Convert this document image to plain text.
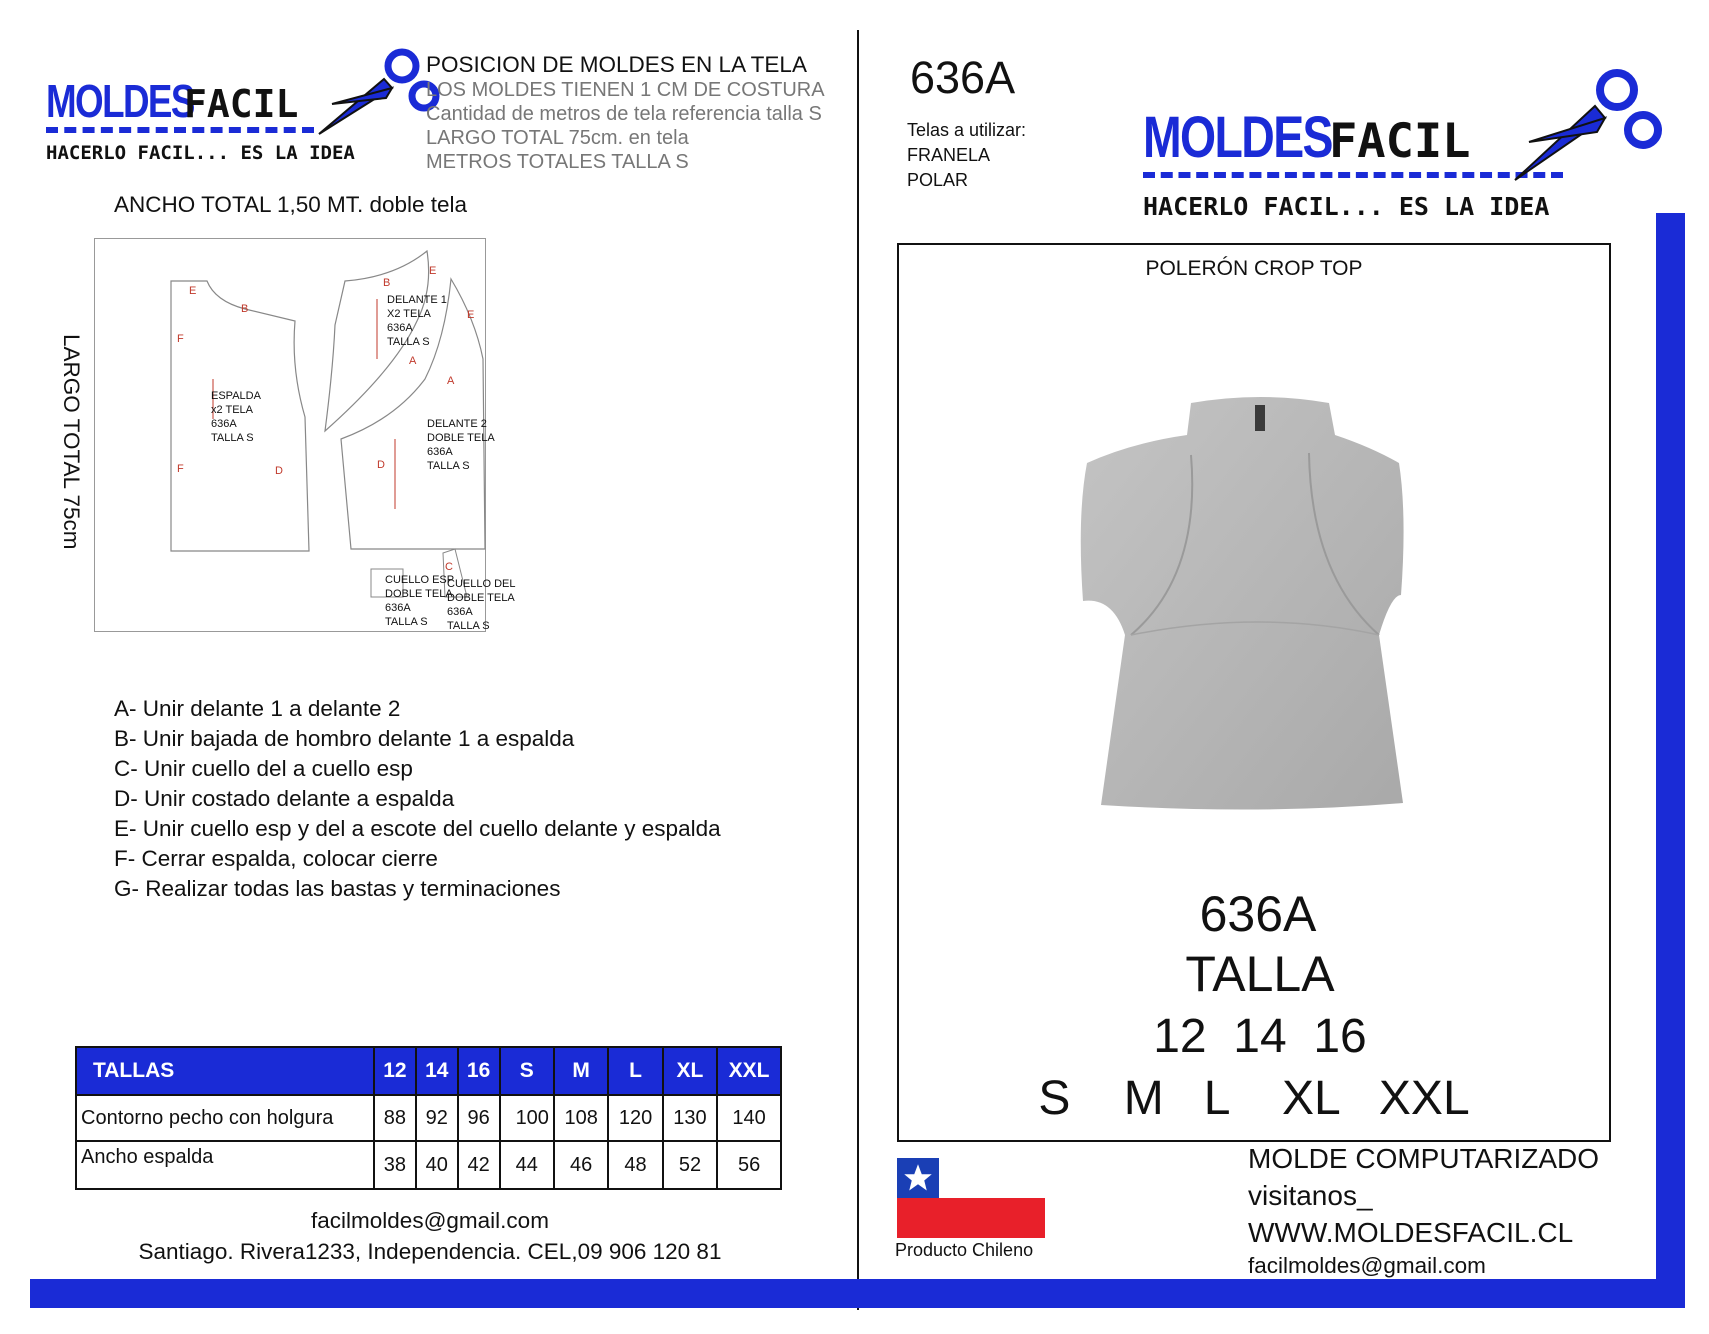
MOLDES
FACIL
HACERLO FACIL... ES LA IDEA
POSICION DE MOLDES EN LA TELA
LOS MOLDES TIENEN 1 CM DE COSTURA
Cantidad de metros de tela referencia talla S
LARGO TOTAL 75cm. en tela
METROS TOTALES TALLA S
ANCHO TOTAL 1,50 MT. doble tela
LARGO TOTAL 75cm
E
B
F
F	D
B
E
E
A
A
D
C
ESPALDA
x2 TELA
636A
TALLA S
DELANTE 1
X2 TELA
636A
TALLA S
DELANTE 2
DOBLE TELA
636A
TALLA S
CUELLO ESP
DOBLE TELA
636A
TALLA S
CUELLO DEL
DOBLE TELA
636A
TALLA S
A- Unir delante 1 a delante 2
B- Unir bajada de hombro delante 1 a espalda
C- Unir cuello del a cuello esp
D- Unir costado delante a espalda
E- Unir cuello esp y del a escote del cuello delante y espalda
F- Cerrar espalda, colocar cierre
G- Realizar todas las bastas y terminaciones
TALLAS	12	14	16	S	M	L	XL	XXL
Contorno pecho con holgura	88	92	96	100	108	120	130	140
Ancho espalda	38	40	42	44	46	48	52	56
facilmoldes@gmail.com
Santiago. Rivera1233, Independencia. CEL,09 906 120 81
636A
Telas a utilizar:
FRANELA
POLAR
MOLDES
FACIL
HACERLO FACIL... ES LA IDEA
POLERÓN CROP TOP
636A
TALLA
12  14  16
S    M   L    XL   XXL
Producto Chileno
MOLDE COMPUTARIZADO
visitanos_
WWW.MOLDESFACIL.CL
facilmoldes@gmail.com
